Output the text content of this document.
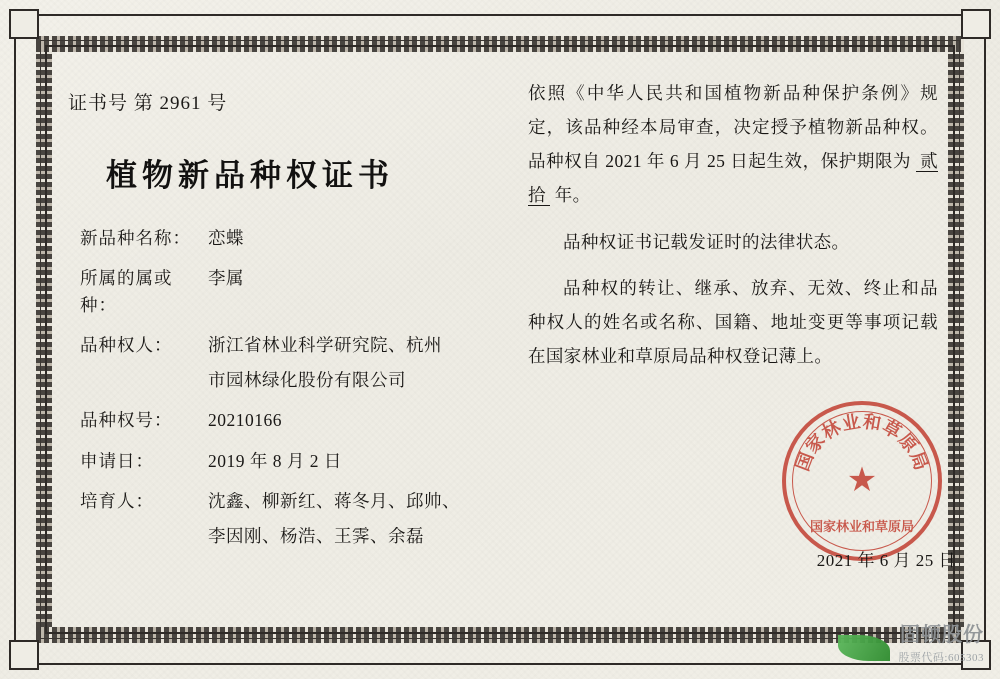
证书号 第 2961 号
植物新品种权证书
新品种名称： 恋蝶
所属的属或种：
李属
品种权人：	浙江省林业科学研究院、杭州
市园林绿化股份有限公司
品种权号：	20210166
申请日：	2019 年 8 月 2 日
培育人：	沈鑫、柳新红、蒋冬月、邱帅、
李因刚、杨浩、王霁、余磊

依照《中华人民共和国植物新品种保护条例》规定，该品种经本局审查，决定授予植物新品种权。品种权自 2021 年 6 月 25 日起生效，保护期限为 贰拾 年。

品种权证书记载发证时的法律状态。

品种权的转让、继承、放弃、无效、终止和品种权人的姓名或名称、国籍、地址变更等事项记载在国家林业和草原局品种权登记薄上。

国家林业和草原局
★
国家林业和草原局
2021 年 6 月 25 日
固顿股份
股票代码:605303
